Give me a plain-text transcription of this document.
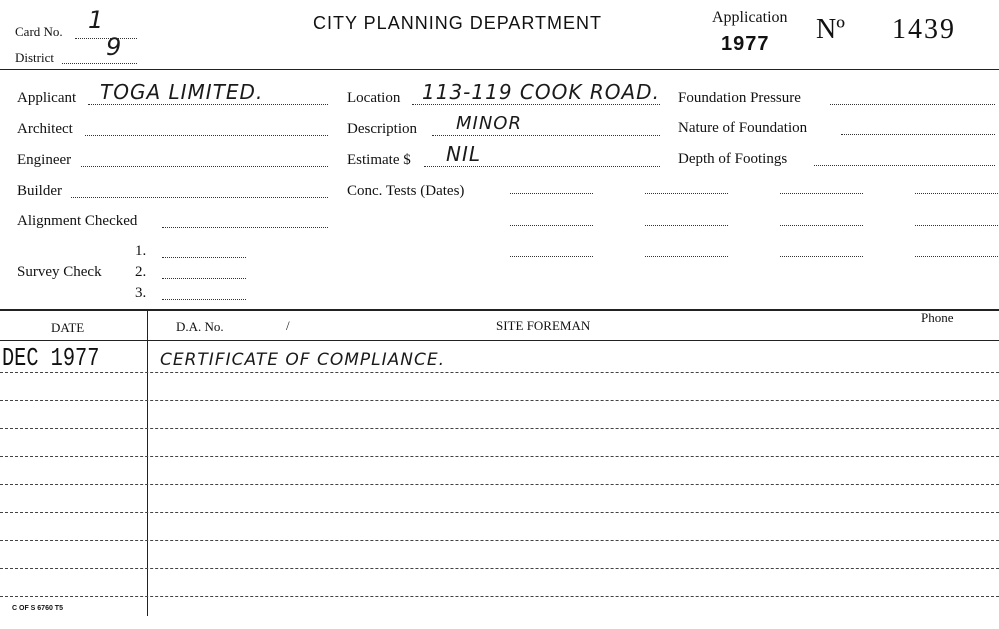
Card No. 1
District 9
CITY PLANNING DEPARTMENT	Application
1977 Nº 1439
Applicant TOGA LIMITED.
Architect
Engineer
Builder
Alignment Checked
1.
Survey Check 2.
3.
Location 113-119 COOK ROAD.
Description MINOR
Estimate $ NIL
Conc. Tests (Dates)
Foundation Pressure
Nature of Foundation
Depth of Footings
DATE	D.A. No.	/	SITE FOREMAN
Phone
DEC 1977	CERTIFICATE OF COMPLIANCE.
C OF S 6760 T5
